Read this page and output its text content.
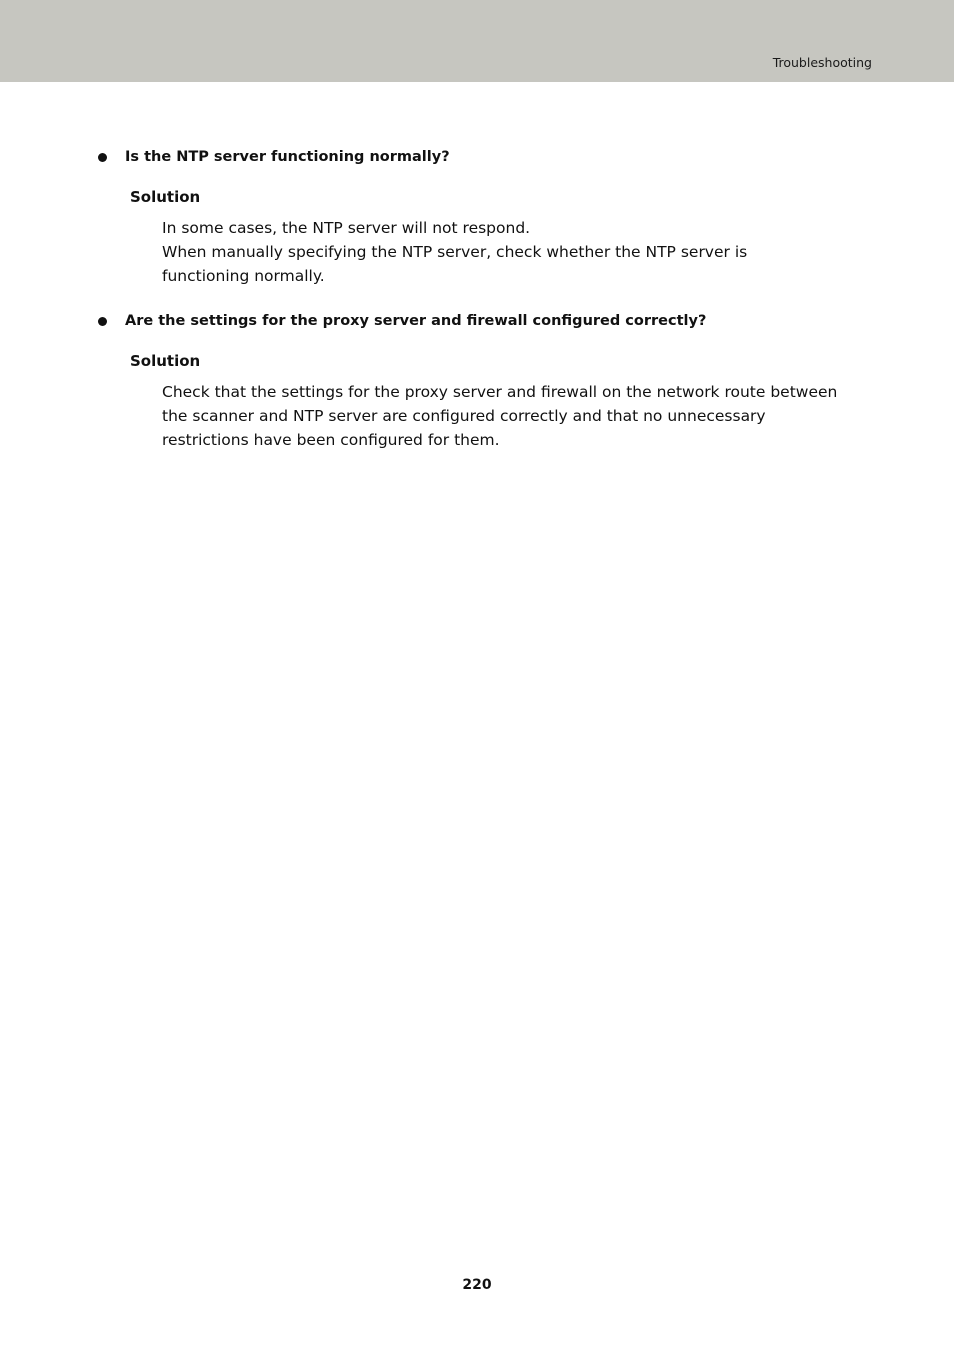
Troubleshooting
Is the NTP server functioning normally?
Solution

In some cases, the NTP server will not respond.

When manually specifying the NTP server, check whether the NTP server is functioning normally.

Are the settings for the proxy server and firewall configured correctly?
Solution

Check that the settings for the proxy server and firewall on the network route between the scanner and NTP server are configured correctly and that no unnecessary restrictions have been configured for them.

220
